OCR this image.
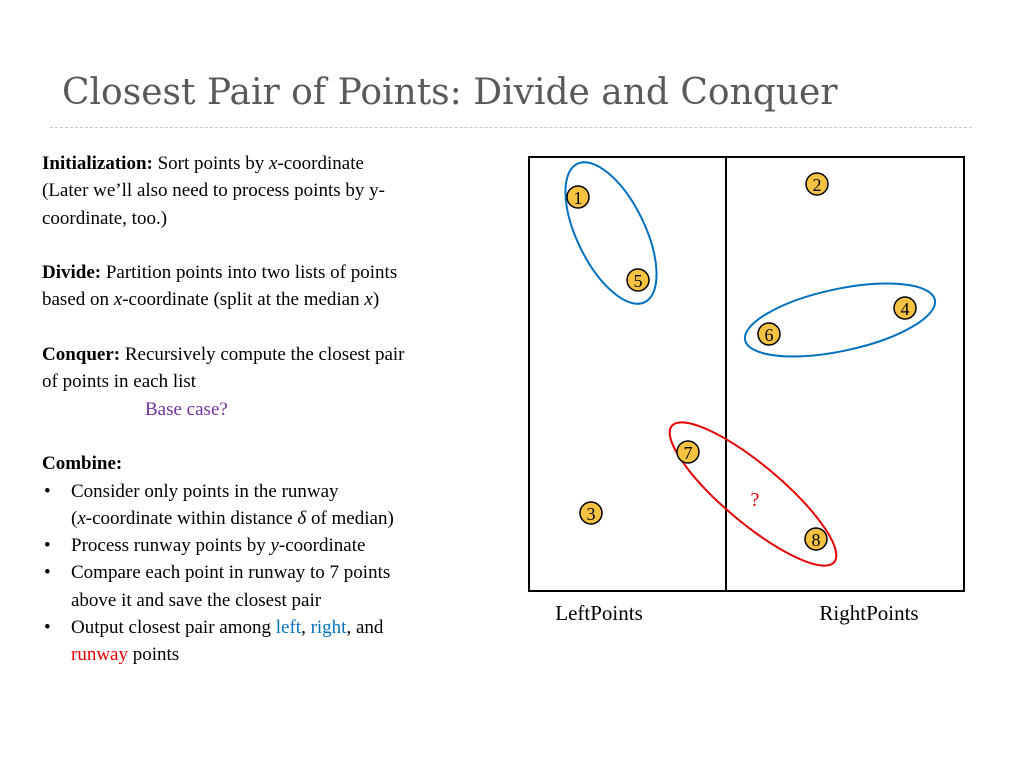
Closest Pair of Points: Divide and Conquer

Initialization: Sort points by x-coordinate
(Later we’ll also need to process points by y-
coordinate, too.)

Divide: Partition points into two lists of points
based on x-coordinate (split at the median x)

Conquer: Recursively compute the closest pair
of points in each list

Base case?

Combine:

• Consider only points in the runway
(x-coordinate within distance δ of median)
• Process runway points by y-coordinate
• Compare each point in runway to 7 points
above it and save the closest pair
• Output closest pair among left, right, and
runway points
1
2
3
4
5
6
7
8
?
LeftPoints	RightPoints
